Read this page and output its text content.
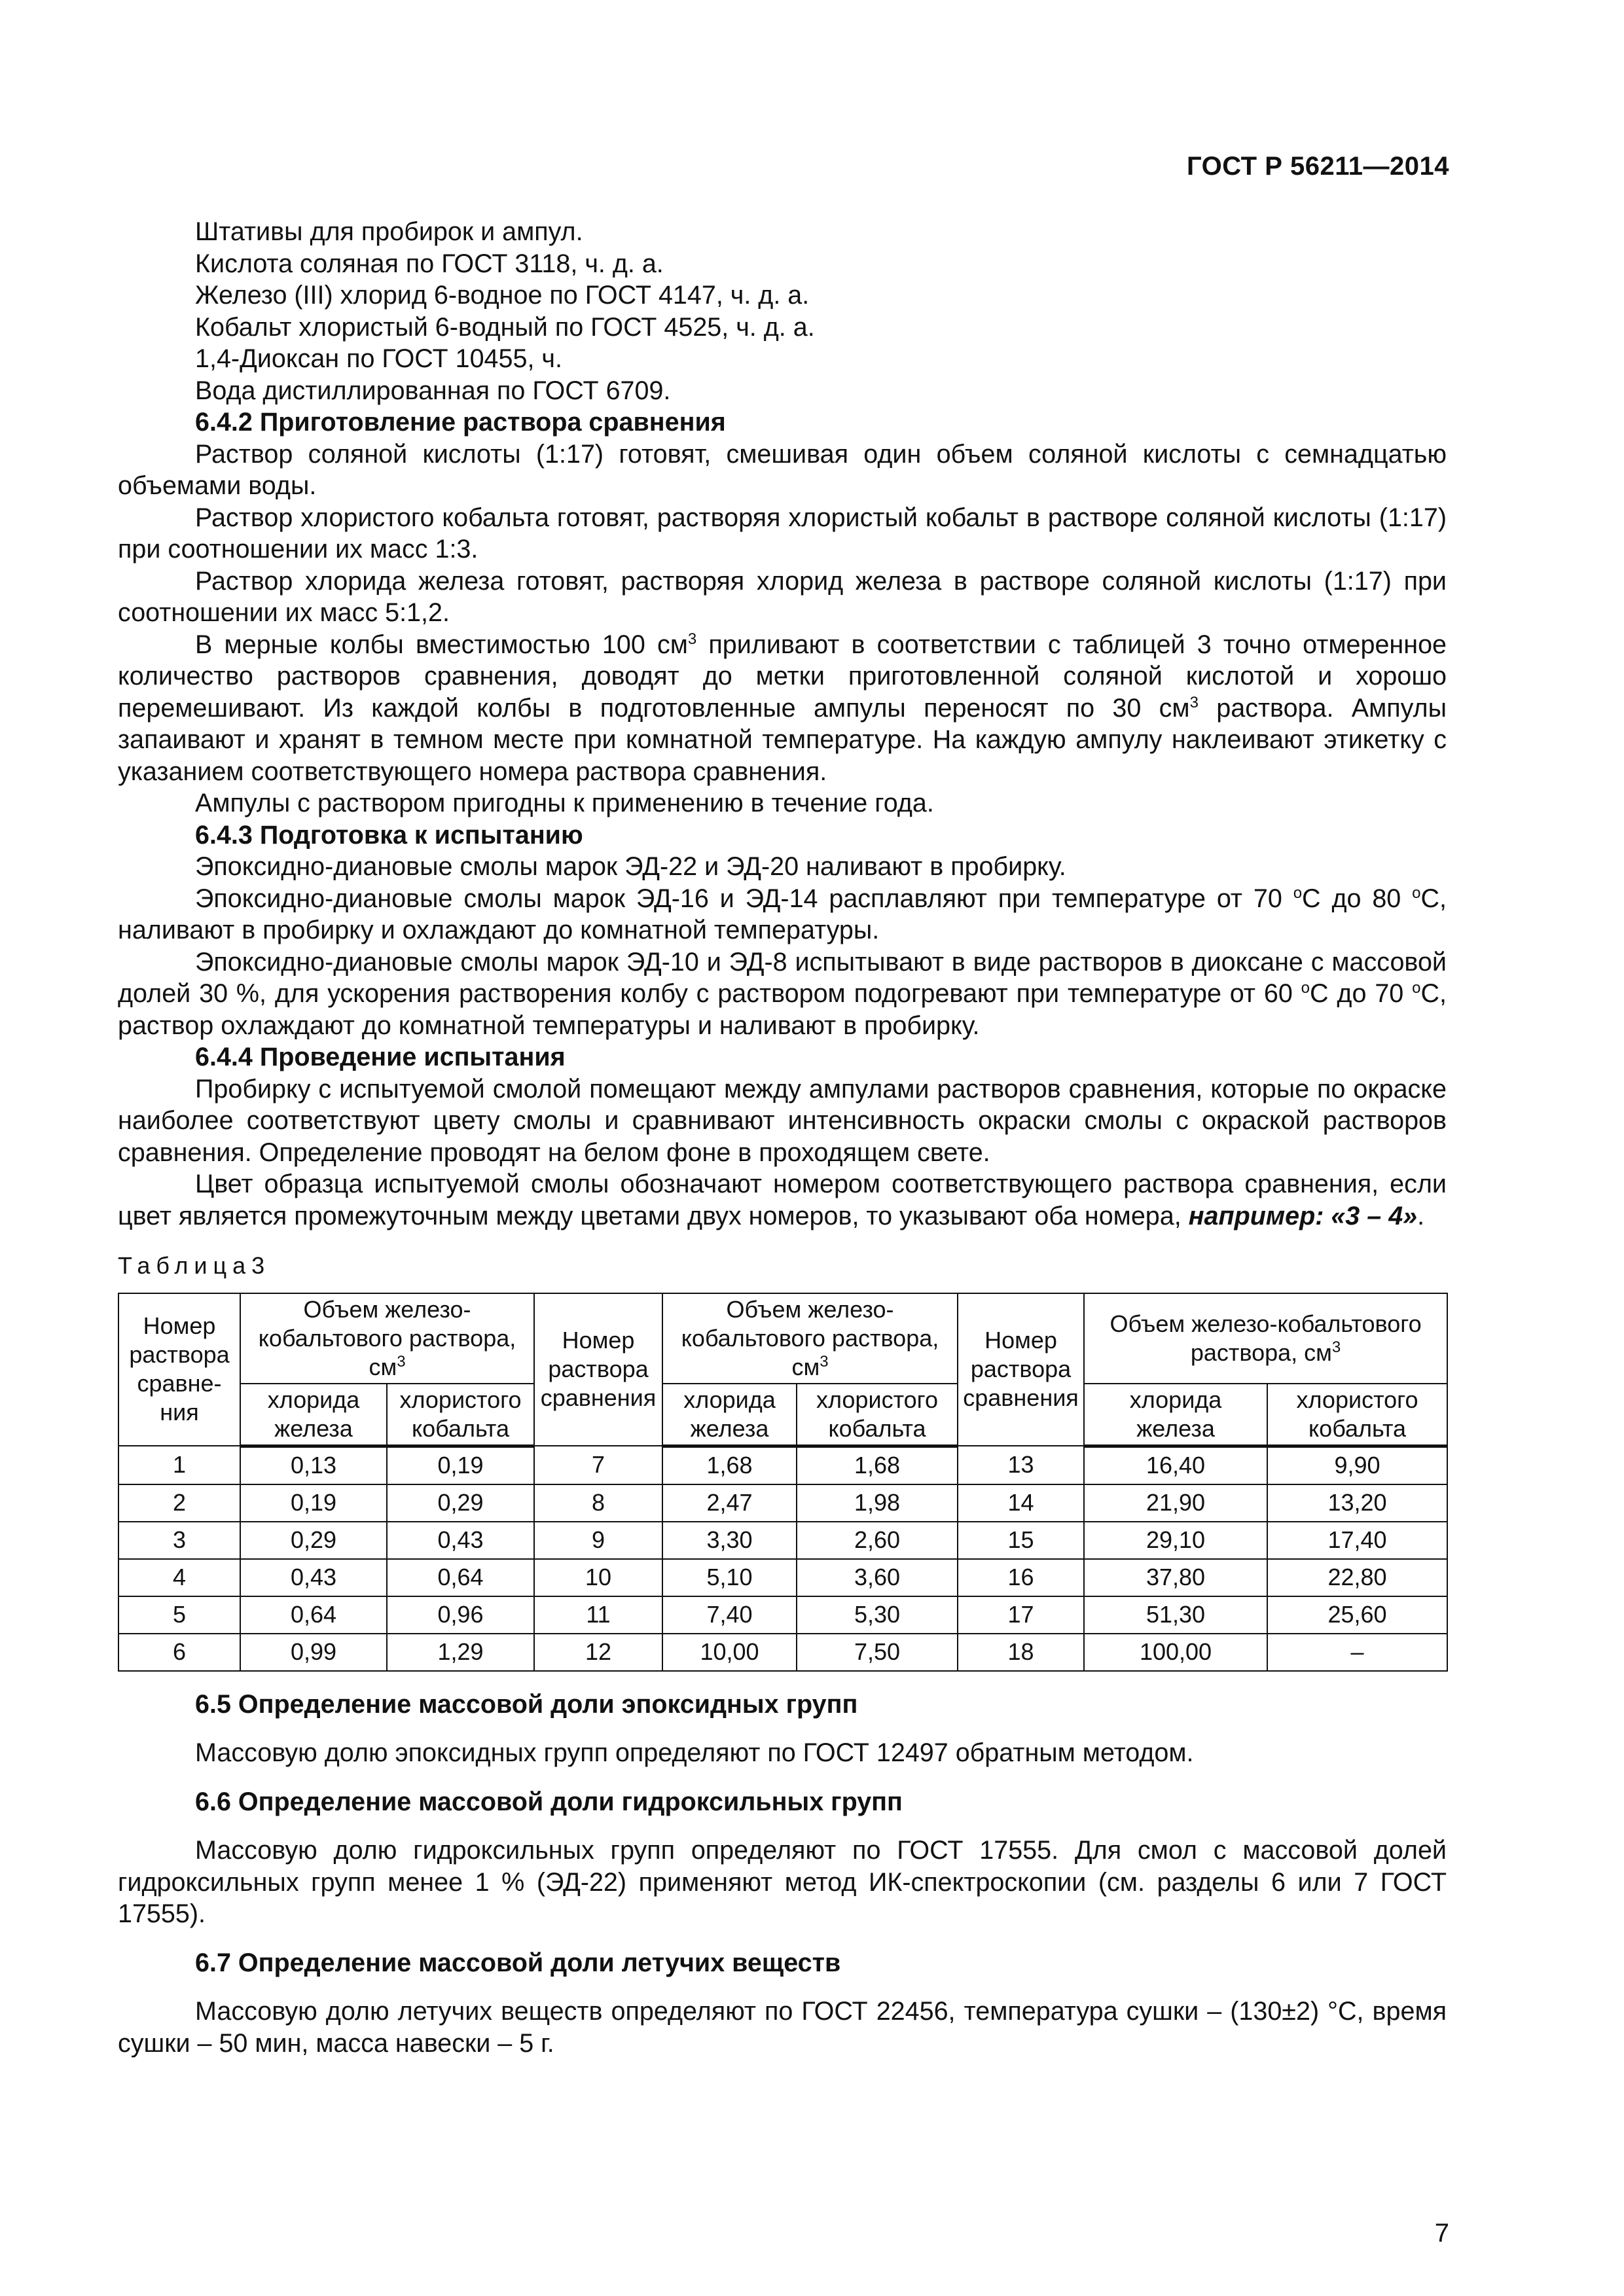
ГОСТ Р 56211—2014

Штативы для пробирок и ампул.

Кислота соляная по ГОСТ 3118, ч. д. а.

Железо (III) хлорид 6-водное по ГОСТ 4147, ч. д. а.

Кобальт хлористый 6-водный по ГОСТ 4525, ч. д. а.

1,4-Диоксан по ГОСТ 10455, ч.

Вода дистиллированная по ГОСТ 6709.

6.4.2 Приготовление раствора сравнения

Раствор соляной кислоты (1:17) готовят, смешивая один объем соляной кислоты с семнадцатью объемами воды.

Раствор хлористого кобальта готовят, растворяя хлористый кобальт в растворе соляной кислоты (1:17) при соотношении их масс 1:3.

Раствор хлорида железа готовят, растворяя хлорид железа в растворе соляной кислоты (1:17) при соотношении их масс 5:1,2.

В мерные колбы вместимостью 100 $см^3$ приливают в соответствии с таблицей 3 точно отмеренное количество растворов сравнения, доводят до метки приготовленной соляной кислотой и хорошо перемешивают. Из каждой колбы в подготовленные ампулы переносят по 30 $см^3$ раствора. Ампулы запаивают и хранят в темном месте при комнатной температуре. На каждую ампулу наклеивают этикетку с указанием соответствующего номера раствора сравнения.

Ампулы с раствором пригодны к применению в течение года.

6.4.3 Подготовка к испытанию

Эпоксидно-диановые смолы марок ЭД-22 и ЭД-20 наливают в пробирку.

Эпоксидно-диановые смолы марок ЭД-16 и ЭД-14 расплавляют при температуре от 70 $^о$С до 80 $^о$С, наливают в пробирку и охлаждают до комнатной температуры.

Эпоксидно-диановые смолы марок ЭД-10 и ЭД-8 испытывают в виде растворов в диоксане с массовой долей 30 %, для ускорения растворения колбу с раствором подогревают при температуре от 60 $^о$С до 70 $^о$С, раствор охлаждают до комнатной температуры и наливают в пробирку.

6.4.4 Проведение испытания

Пробирку с испытуемой смолой помещают между ампулами растворов сравнения, которые по окраске наиболее соответствуют цвету смолы и сравнивают интенсивность окраски смолы с окраской растворов сравнения. Определение проводят на белом фоне в проходящем свете.

Цвет образца испытуемой смолы обозначают номером соответствующего раствора сравнения, если цвет является промежуточным между цветами двух номеров, то указывают оба номера, например: «3 – 4».

Таблица3
Номер раствора сравне-ния	Объем железо-кобальтового раствора, $см^3$		Номер раствора сравнения	Объем железо-кобальтового раствора, $см^3$		Номер раствора сравнения	Объем железо-кобальтового раствора, $см^3$
	хлорида железа	хлористого кобальта		хлорида железа	хлористого кобальта		хлорида железа	хлористого кобальта
1	0,13	0,19	7	1,68	1,68	13	16,40	9,90
2	0,19	0,29	8	2,47	1,98	14	21,90	13,20
3	0,29	0,43	9	3,30	2,60	15	29,10	17,40
4	0,43	0,64	10	5,10	3,60	16	37,80	22,80
5	0,64	0,96	11	7,40	5,30	17	51,30	25,60
6	0,99	1,29	12	10,00	7,50	18	100,00	–

6.5 Определение массовой доли эпоксидных групп

Массовую долю эпоксидных групп определяют по ГОСТ 12497 обратным методом.

6.6 Определение массовой доли гидроксильных групп

Массовую долю гидроксильных групп определяют по ГОСТ 17555. Для смол с массовой долей гидроксильных групп менее 1 % (ЭД-22) применяют метод ИК-спектроскопии (см. разделы 6 или 7 ГОСТ 17555).

6.7 Определение массовой доли летучих веществ

Массовую долю летучих веществ определяют по ГОСТ 22456, температура сушки – (130±2) °С, время сушки – 50 мин, масса навески – 5 г.

7
